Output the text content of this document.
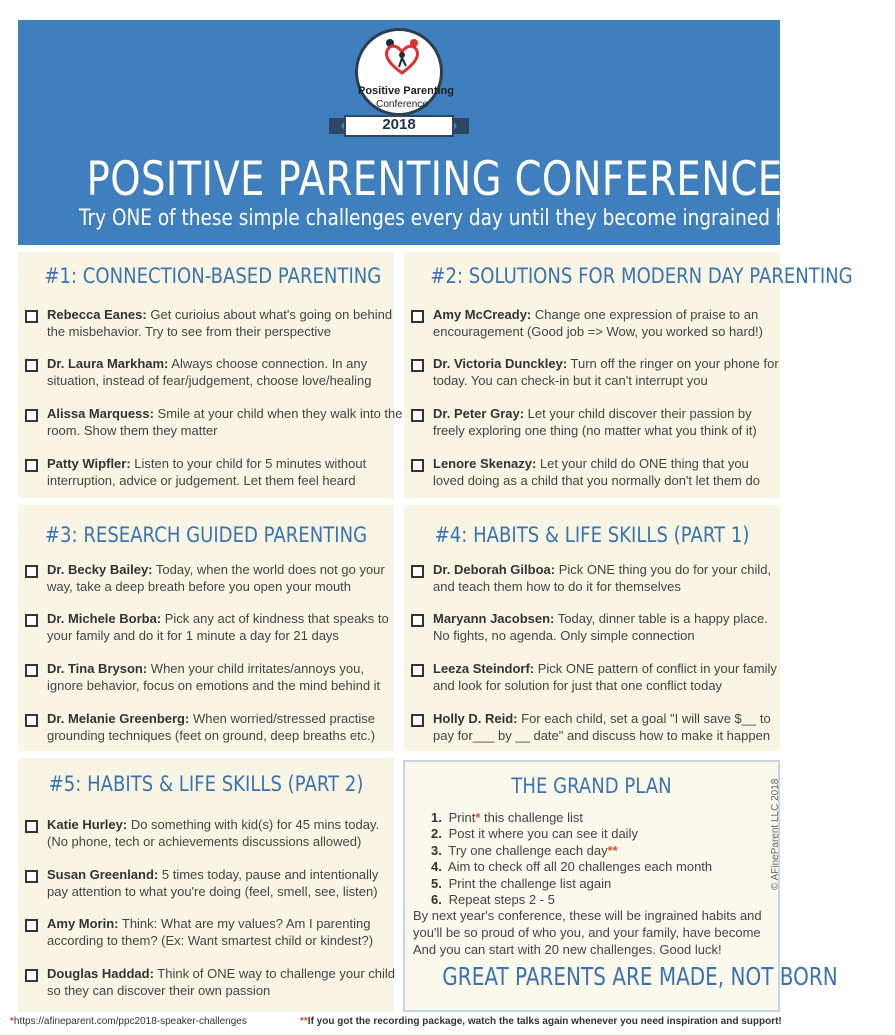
Positive Parenting
Conference
2018
POSITIVE PARENTING CONFERENCE 2018
Try ONE of these simple challenges every day until they become ingrained habits!
#1: CONNECTION-BASED PARENTING
Rebecca Eanes: Get curioius about what's going on behind the misbehavior. Try to see from their perspective
Dr. Laura Markham: Always choose connection. In any situation, instead of fear/judgement, choose love/healing
Alissa Marquess: Smile at your child when they walk into the room. Show them they matter
Patty Wipfler: Listen to your child for 5 minutes without interruption, advice or judgement. Let them feel heard
#2: SOLUTIONS FOR MODERN DAY PARENTING
Amy McCready: Change one expression of praise to an encouragement (Good job => Wow, you worked so hard!)
Dr. Victoria Dunckley: Turn off the ringer on your phone for today. You can check-in but it can't interrupt you
Dr. Peter Gray: Let your child discover their passion by freely exploring one thing (no matter what you think of it)
Lenore Skenazy: Let your child do ONE thing that you loved doing as a child that you normally don't let them do
#3: RESEARCH GUIDED PARENTING
Dr. Becky Bailey: Today, when the world does not go your way, take a deep breath before you open your mouth
Dr. Michele Borba: Pick any act of kindness that speaks to your family and do it for 1 minute a day for 21 days
Dr. Tina Bryson: When your child irritates/annoys you, ignore behavior, focus on emotions and the mind behind it
Dr. Melanie Greenberg: When worried/stressed practise grounding techniques (feet on ground, deep breaths etc.)
#4: HABITS & LIFE SKILLS (PART 1)
Dr. Deborah Gilboa: Pick ONE thing you do for your child, and teach them how to do it for themselves
Maryann Jacobsen: Today, dinner table is a happy place. No fights, no agenda. Only simple connection
Leeza Steindorf: Pick ONE pattern of conflict in your family and look for solution for just that one conflict today
Holly D. Reid: For each child, set a goal "I will save $__ to pay for___ by __ date" and discuss how to make it happen
#5: HABITS & LIFE SKILLS (PART 2)
Katie Hurley: Do something with kid(s) for 45 mins today. (No phone, tech or achievements discussions allowed)
Susan Greenland: 5 times today, pause and intentionally pay attention to what you're doing (feel, smell, see, listen)
Amy Morin: Think: What are my values? Am I parenting according to them? (Ex: Want smartest child or kindest?)
Douglas Haddad: Think of ONE way to challenge your child so they can discover their own passion
THE GRAND PLAN
1. Print* this challenge list
2. Post it where you can see it daily
3. Try one challenge each day**
4. Aim to check off all 20 challenges each month
5. Print the challenge list again
6. Repeat steps 2 - 5
By next year's conference, these will be ingrained habits and you'll be so proud of who you, and your family, have become And you can start with 20 new challenges. Good luck!
GREAT PARENTS ARE MADE, NOT BORN
© AFineParent LLC 2018
*https://afineparent.com/ppc2018-speaker-challenges	**If you got the recording package, watch the talks again whenever you need inspiration and support!
